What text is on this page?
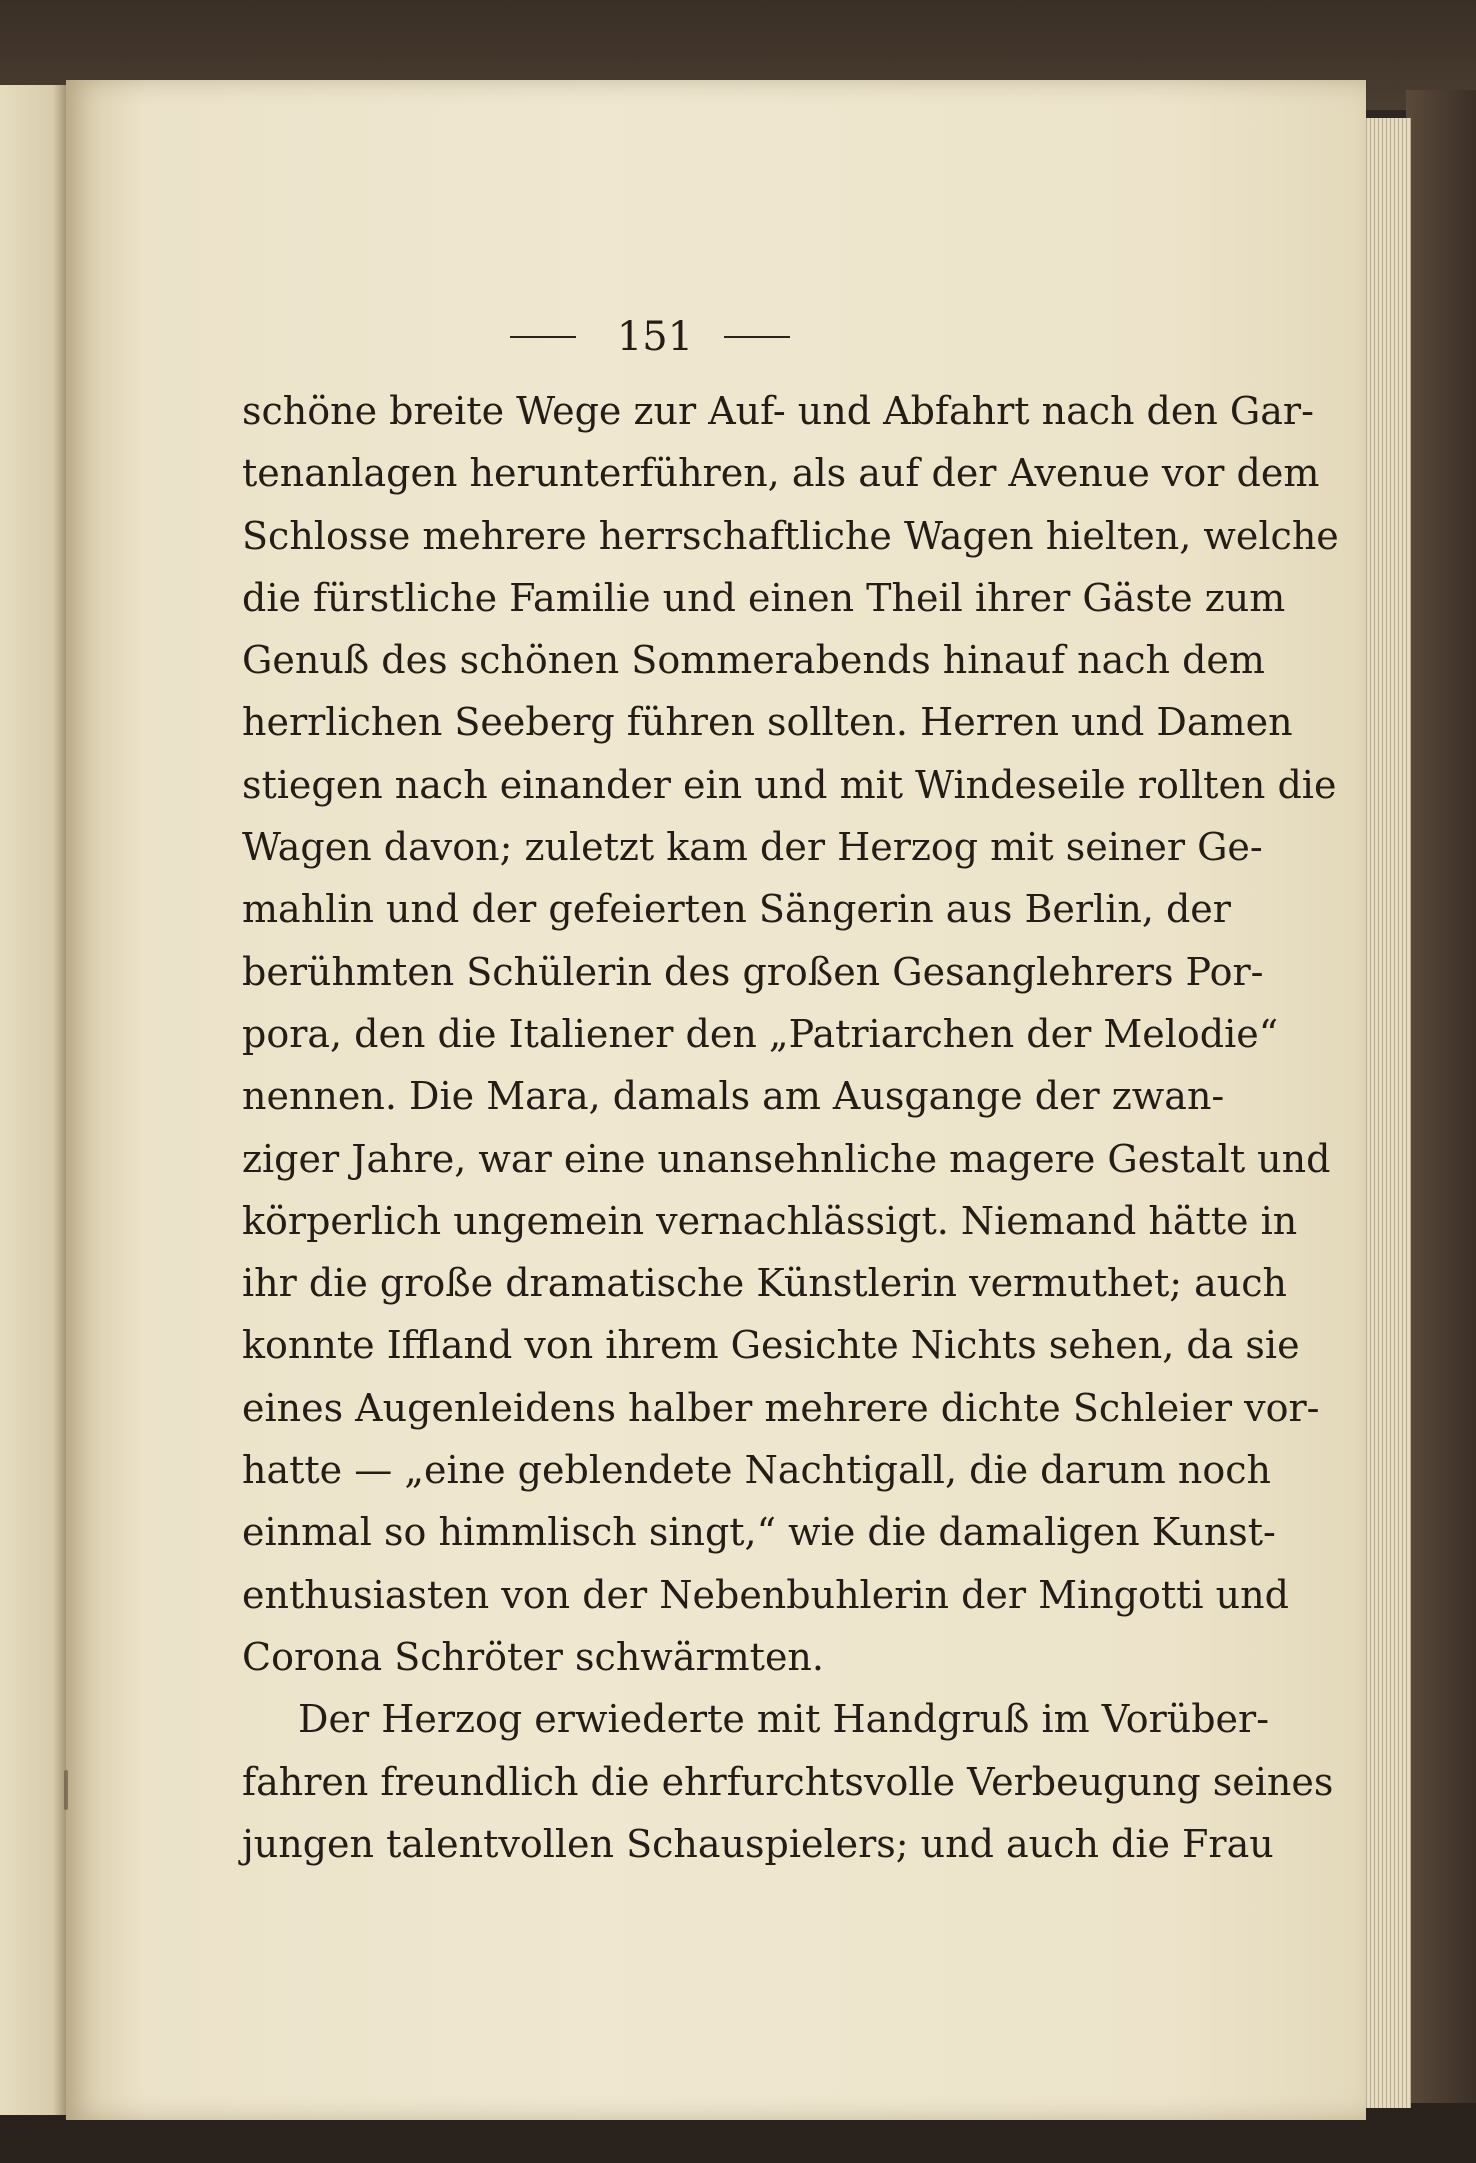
151
schöne breite Wege zur Auf- und Abfahrt nach den Gar-
tenanlagen herunterführen, als auf der Avenue vor dem
Schlosse mehrere herrschaftliche Wagen hielten, welche
die fürstliche Familie und einen Theil ihrer Gäste zum
Genuß des schönen Sommerabends hinauf nach dem
herrlichen Seeberg führen sollten. Herren und Damen
stiegen nach einander ein und mit Windeseile rollten die
Wagen davon; zuletzt kam der Herzog mit seiner Ge-
mahlin und der gefeierten Sängerin aus Berlin, der
berühmten Schülerin des großen Gesanglehrers Por-
pora, den die Italiener den „Patriarchen der Melodie“
nennen. Die Mara, damals am Ausgange der zwan-
ziger Jahre, war eine unansehnliche magere Gestalt und
körperlich ungemein vernachlässigt. Niemand hätte in
ihr die große dramatische Künstlerin vermuthet; auch
konnte Iffland von ihrem Gesichte Nichts sehen, da sie
eines Augenleidens halber mehrere dichte Schleier vor-
hatte — „eine geblendete Nachtigall, die darum noch
einmal so himmlisch singt,“ wie die damaligen Kunst-
enthusiasten von der Nebenbuhlerin der Mingotti und
Corona Schröter schwärmten.
Der Herzog erwiederte mit Handgruß im Vorüber-
fahren freundlich die ehrfurchtsvolle Verbeugung seines
jungen talentvollen Schauspielers; und auch die Frau
